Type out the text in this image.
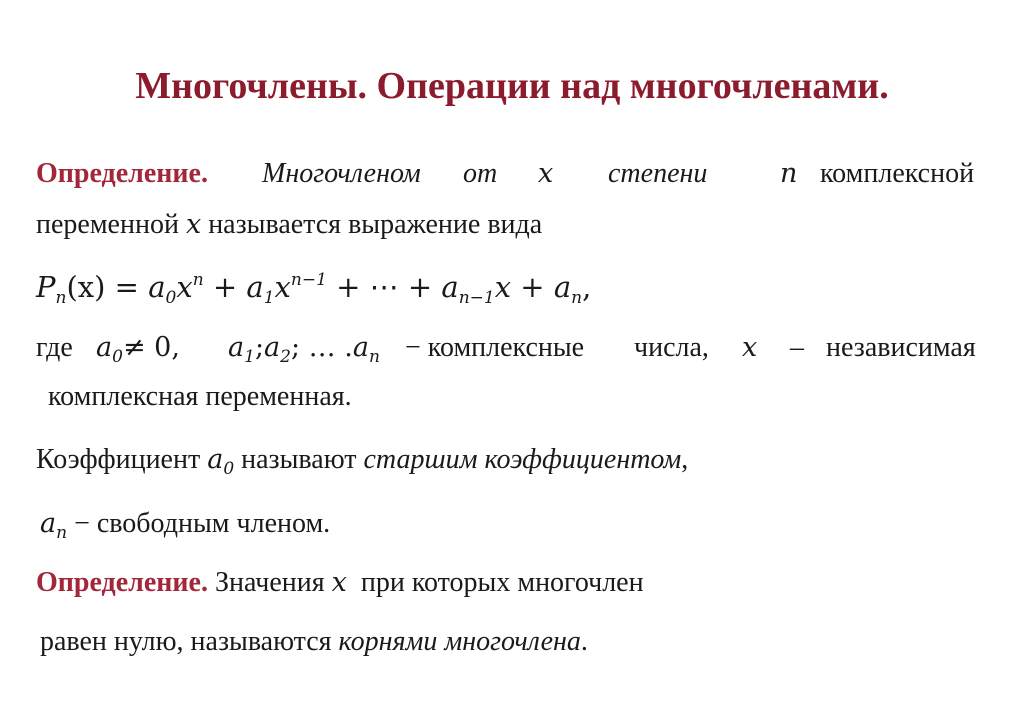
Многочлены. Операции над многочленами.
Определение. Многочленом от x степени	n комплексной
переменной x называется выражение вида
$P_n(x) = a_0x^n + a_1x^{n-1}$ + ⋯ + $a_{n-1}x + a_n$,
где $a_0\ne 0$, $a_1;a_2$; … $.a_n$ − комплексные числа, x – независимая
комплексная переменная.
Коэффициент $a_0$ называют старшим коэффициентом,
$a_n$ − свободным членом.
Определение. Значения x при которых многочлен
равен нулю, называются корнями многочлена.
